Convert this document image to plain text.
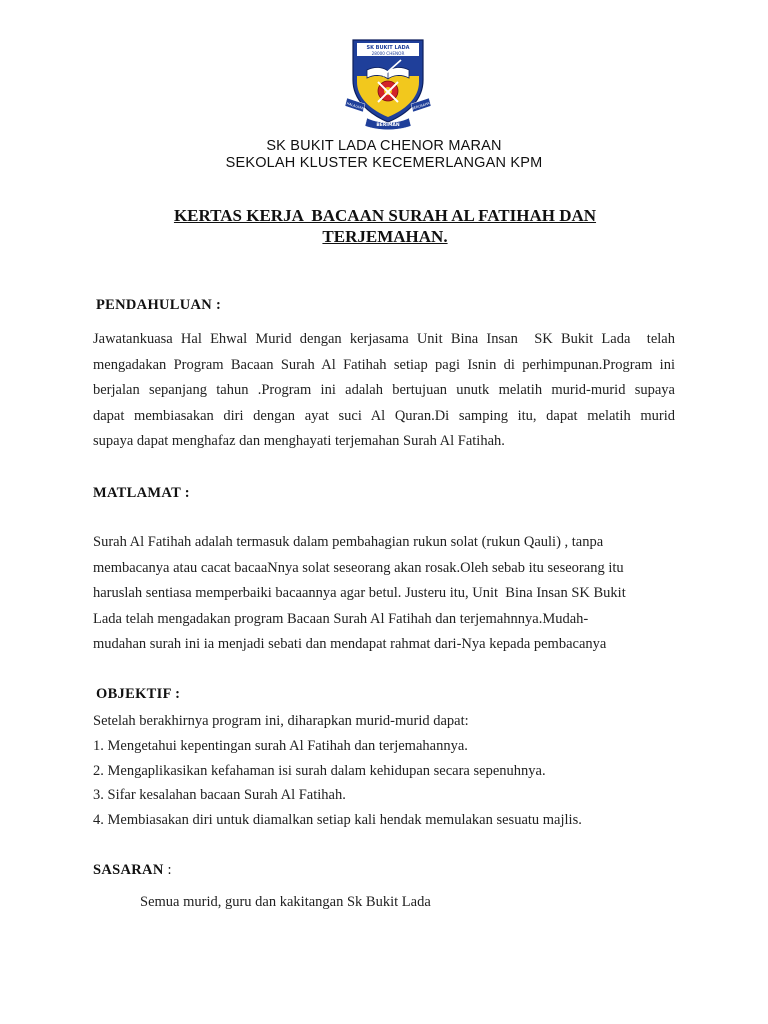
SK BUKIT LADA
28000 CHENOR
HALALKAN	BERUSAHA
BERIMAN
SK BUKIT LADA CHENOR MARAN
SEKOLAH KLUSTER KECEMERLANGAN KPM
KERTAS KERJA  BACAAN SURAH AL FATIHAH DAN
TERJEMAHAN.
PENDAHULUAN :
Jawatankuasa Hal Ehwal Murid dengan kerjasama Unit Bina Insan  SK Bukit Lada  telah
mengadakan Program Bacaan Surah Al Fatihah setiap pagi Isnin di perhimpunan.Program ini
berjalan sepanjang tahun .Program ini adalah bertujuan unutk melatih murid-murid supaya
dapat membiasakan diri dengan ayat suci Al Quran.Di samping itu, dapat melatih murid
supaya dapat menghafaz dan menghayati terjemahan Surah Al Fatihah.
MATLAMAT :
Surah Al Fatihah adalah termasuk dalam pembahagian rukun solat (rukun Qauli) , tanpa
membacanya atau cacat bacaaNnya solat seseorang akan rosak.Oleh sebab itu seseorang itu
haruslah sentiasa memperbaiki bacaannya agar betul. Justeru itu, Unit  Bina Insan SK Bukit
Lada telah mengadakan program Bacaan Surah Al Fatihah dan terjemahnnya.Mudah-
mudahan surah ini ia menjadi sebati dan mendapat rahmat dari-Nya kepada pembacanya
OBJEKTIF :
Setelah berakhirnya program ini, diharapkan murid-murid dapat:
1. Mengetahui kepentingan surah Al Fatihah dan terjemahannya.
2. Mengaplikasikan kefahaman isi surah dalam kehidupan secara sepenuhnya.
3. Sifar kesalahan bacaan Surah Al Fatihah.
4. Membiasakan diri untuk diamalkan setiap kali hendak memulakan sesuatu majlis.
SASARAN :
Semua murid, guru dan kakitangan Sk Bukit Lada
